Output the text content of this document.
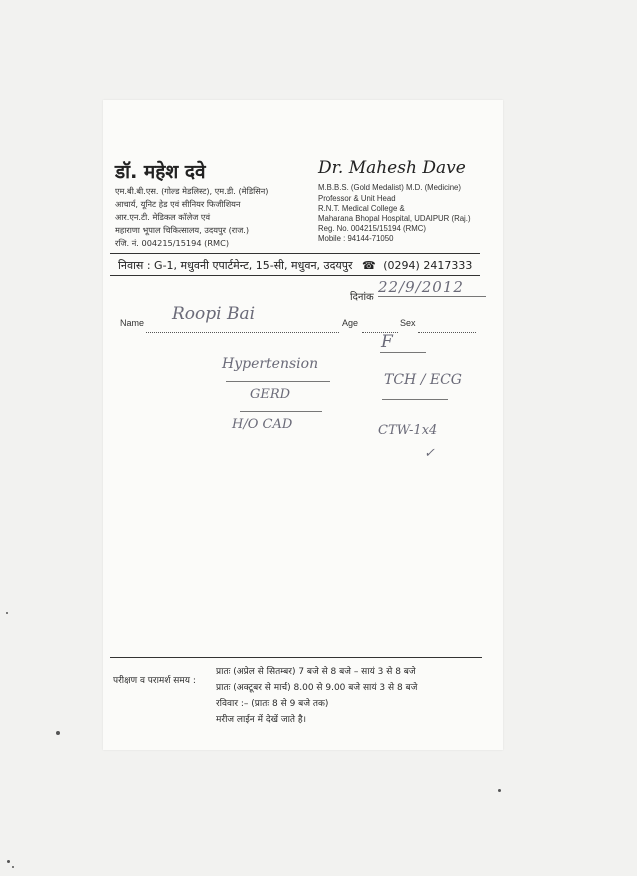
डॉ. महेश दवे
एम.बी.बी.एस. (गोल्ड मेडलिस्ट), एम.डी. (मेडिसिन)
आचार्य, यूनिट हेड एवं सीनियर फिजीशियन
आर.एन.टी. मेडिकल कॉलेज एवं
महाराणा भूपाल चिकित्सालय, उदयपुर (राज.)
रजि. नं. 004215/15194 (RMC)
Dr. Mahesh Dave
M.B.B.S. (Gold Medalist) M.D. (Medicine)
Professor & Unit Head
R.N.T. Medical College &
Maharana Bhopal Hospital, UDAIPUR (Raj.)
Reg. No. 004215/15194 (RMC)
Mobile : 94144-71050
निवास : G-1, मधुवनी एपार्टमेन्ट, 15-सी, मधुवन, उदयपुर ☎ (0294) 2417333
दिनांक
22/9/2012
Name Roopi Bai	Age	Sex
F
Hypertension
GERD
H/O CAD
TCH / ECG
CTW-1x4
✓
परीक्षण व परामर्श समय :
प्रातः (अप्रेल से सितम्बर) 7 बजे से 8 बजे – सायं 3 से 8 बजे
प्रातः (अक्टूबर से मार्च) 8.00 से 9.00 बजे सायं 3 से 8 बजे
रविवार :– (प्रातः 8 से 9 बजे तक)
मरीज लाईन में देखें जाते है।
